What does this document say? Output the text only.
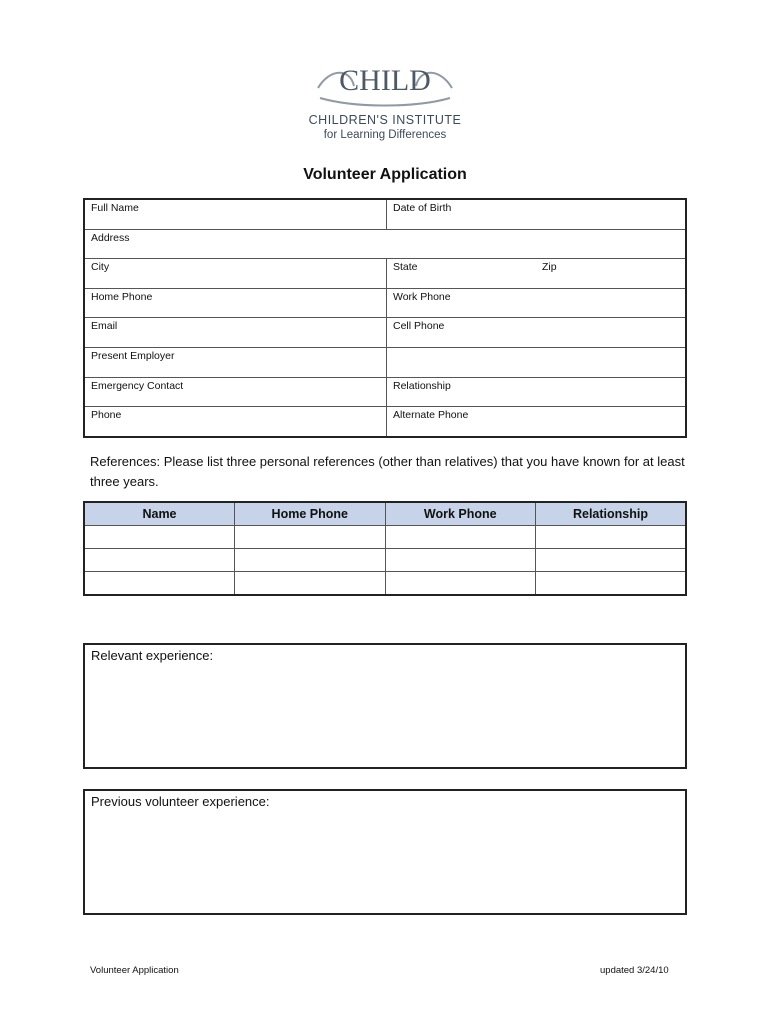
CHILD
CHILDREN'S INSTITUTE
for Learning Differences
Volunteer Application
Full Name	Date of Birth
Address	
City	State Zip

Home Phone	Work Phone
Email	Cell Phone
Present Employer	
Emergency Contact	Relationship
Phone	Alternate Phone
References: Please list three personal references (other than relatives) that you have known for at least three years.
Name	Home Phone	Work Phone	Relationship

Relevant experience:
Previous volunteer experience:
Volunteer Application	updated 3/24/10
